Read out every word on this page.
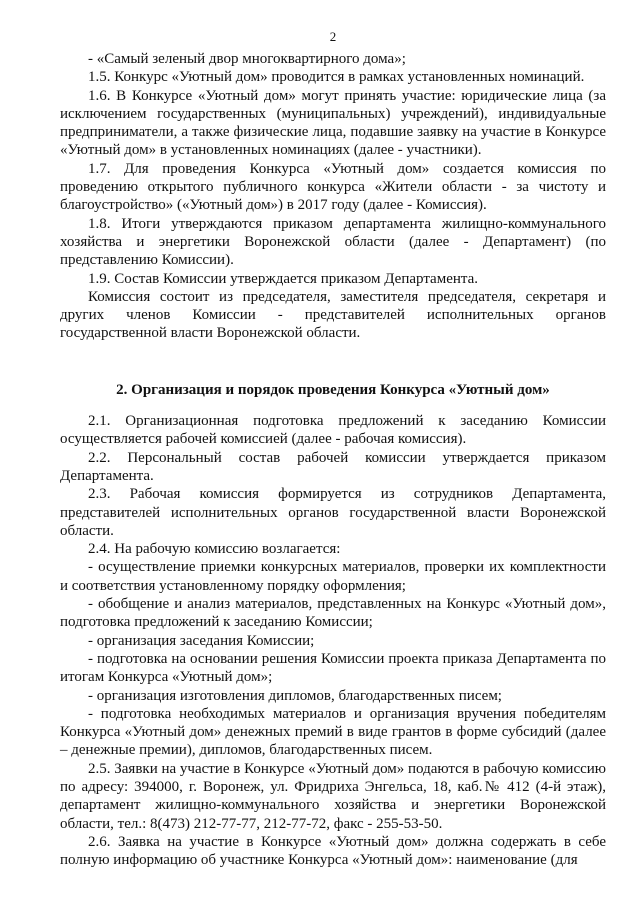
2

- «Самый зеленый двор многоквартирного дома»;

1.5. Конкурс «Уютный дом» проводится в рамках установленных номинаций.

1.6. В Конкурсе «Уютный дом» могут принять участие: юридические лица (за исключением государственных (муниципальных) учреждений), индивидуальные предприниматели, а также физические лица, подавшие заявку на участие в Конкурсе «Уютный дом» в установленных номинациях (далее - участники).

1.7. Для проведения Конкурса «Уютный дом» создается комиссия по проведению открытого публичного конкурса «Жители области - за чистоту и благоустройство» («Уютный дом») в 2017 году (далее - Комиссия).

1.8. Итоги утверждаются приказом департамента жилищно-коммунального хозяйства и энергетики Воронежской области (далее - Департамент) (по представлению Комиссии).

1.9. Состав Комиссии утверждается приказом Департамента.

Комиссия состоит из председателя, заместителя председателя, секретаря и других членов Комиссии - представителей исполнительных органов государственной власти Воронежской области.

2. Организация и порядок проведения Конкурса «Уютный дом»

2.1. Организационная подготовка предложений к заседанию Комиссии осуществляется рабочей комиссией (далее - рабочая комиссия).

2.2. Персональный состав рабочей комиссии утверждается приказом Департамента.

2.3. Рабочая комиссия формируется из сотрудников Департамента, представителей исполнительных органов государственной власти Воронежской области.

2.4. На рабочую комиссию возлагается:

- осуществление приемки конкурсных материалов, проверки их комплектности и соответствия установленному порядку оформления;

- обобщение и анализ материалов, представленных на Конкурс «Уютный дом», подготовка предложений к заседанию Комиссии;

- организация заседания Комиссии;

- подготовка на основании решения Комиссии проекта приказа Департамента по итогам Конкурса «Уютный дом»;

- организация изготовления дипломов, благодарственных писем;

- подготовка необходимых материалов и организация вручения победителям Конкурса «Уютный дом» денежных премий в виде грантов в форме субсидий (далее – денежные премии), дипломов, благодарственных писем.

2.5. Заявки на участие в Конкурсе «Уютный дом» подаются в рабочую комиссию по адресу: 394000, г. Воронеж, ул. Фридриха Энгельса, 18, каб.№ 412 (4-й этаж), департамент жилищно-коммунального хозяйства и энергетики Воронежской области, тел.: 8(473) 212-77-77, 212-77-72, факс - 255-53-50.

2.6. Заявка на участие в Конкурсе «Уютный дом» должна содержать в себе полную информацию об участнике Конкурса «Уютный дом»: наименование (для
